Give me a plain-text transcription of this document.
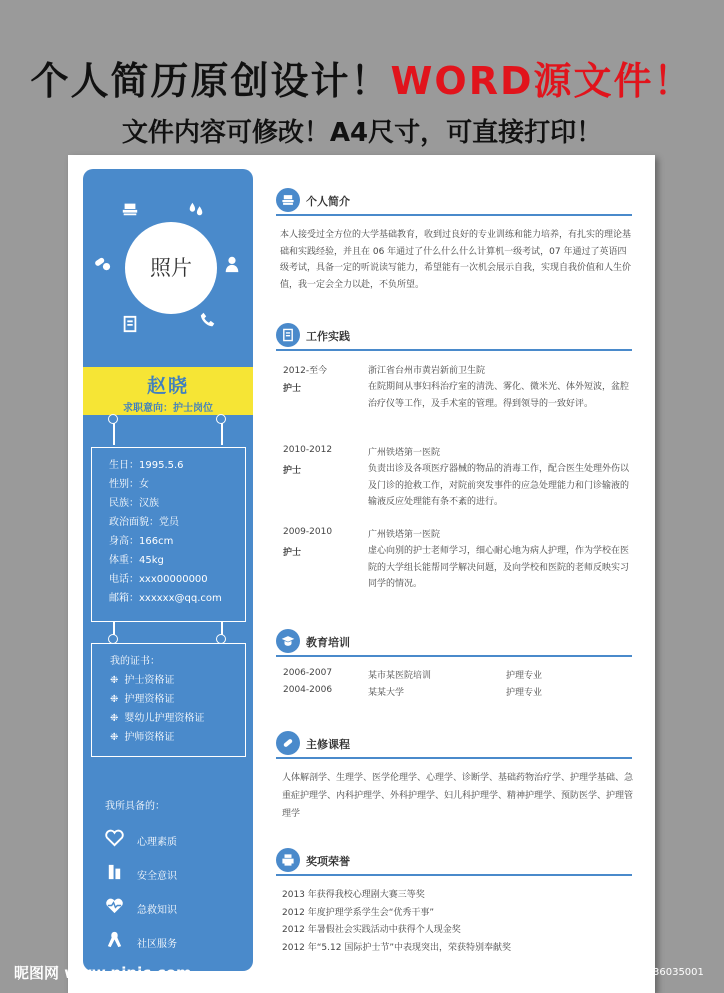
个人简历原创设计！WORD源文件！
文件内容可修改！A4尺寸，可直接打印！
照片
赵晓
求职意向：护士岗位
生日：1995.5.6
性别：女
民族：汉族
政治面貌：党员
身高：166cm
体重：45kg
电话：xxx00000000
邮箱：xxxxxx@qq.com
我的证书：
❉ 护士资格证
❉ 护理资格证
❉ 婴幼儿护理资格证
❉ 护师资格证
我所具备的：
心理素质
安全意识
急救知识
社区服务
个人简介
本人接受过全方位的大学基础教育，收到过良好的专业训练和能力培养，有扎实的理论基础和实践经验，并且在 06 年通过了什么什么什么计算机一级考试，07 年通过了英语四级考试，具备一定的听说读写能力，希望能有一次机会展示自我，实现自我价值和人生价值，我一定会全力以赴，不负所望。
工作实践
2012-至今
护士
浙江省台州市黄岩新前卫生院
在院期间从事妇科治疗室的清洗、雾化、微米光、体外短波，盆腔治疗仪等工作，及手术室的管理。得到领导的一致好评。
2010-2012
护士
广州铁塔第一医院
负责出诊及各项医疗器械的物品的消毒工作，配合医生处理外伤以及门诊的抢救工作，对院前突发事件的应急处理能力和门诊输液的输液反应处理能有条不紊的进行。
2009-2010
护士
广州铁塔第一医院
虚心向别的护士老师学习，细心耐心地为病人护理，作为学校在医院的大学组长能帮同学解决问题，及向学校和医院的老师反映实习同学的情况。
教育培训
2006-2007	某市某医院培训	护理专业
2004-2006	某某大学	护理专业
主修课程
人体解剖学、生理学、医学伦理学、心理学、诊断学、基础药物治疗学、护理学基础、急重症护理学、内科护理学、外科护理学、妇儿科护理学、精神护理学、预防医学、护理管理学
奖项荣誉
2013 年获得我校心理剧大赛三等奖
2012 年度护理学系学生会“优秀干事”
2012 年暑假社会实践活动中获得个人现金奖
2012 年“5.12 国际护士节”中表现突出，荣获特别奉献奖
昵图网 www.nipic.com	ID:23046502 NO:20200721223236035001
